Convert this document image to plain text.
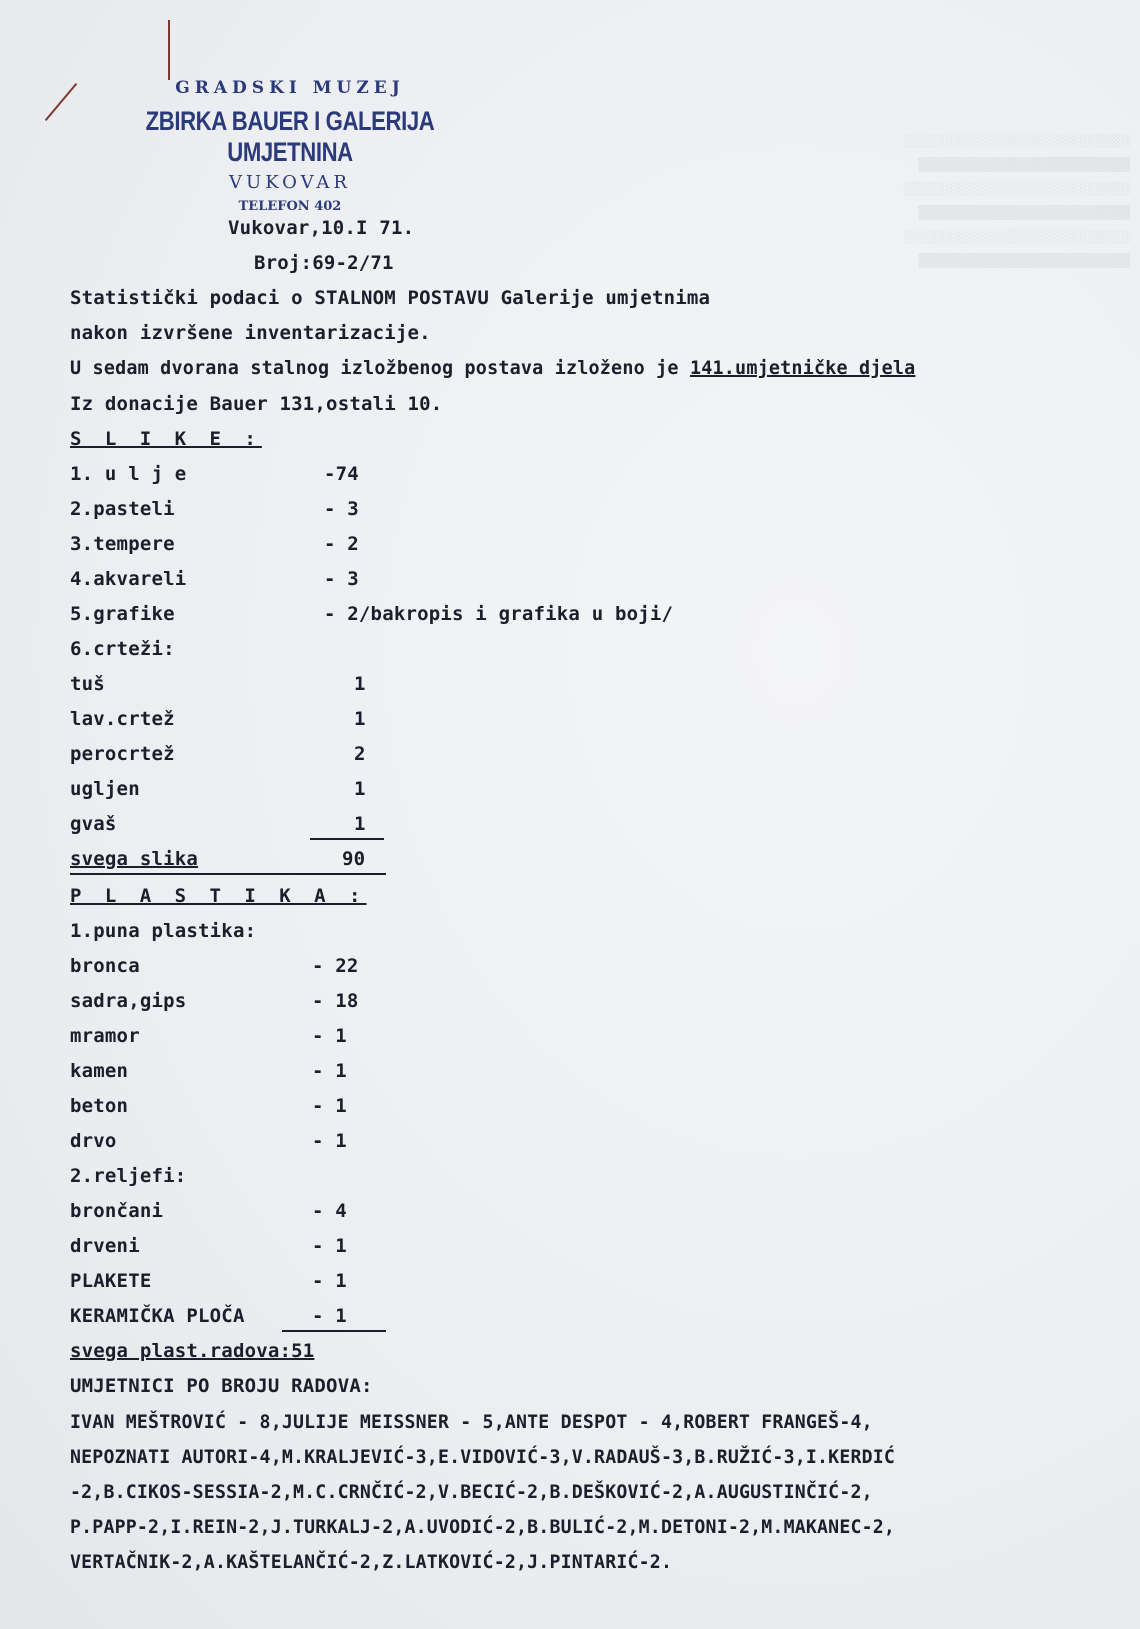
░░░░░░░░░░░░░░░░░░░░░░░░░░░░░
▒▒▒▒▒▒▒▒▒▒▒▒▒▒▒▒▒▒▒▒▒▒▒▒▒▒▒
░░░░░░░░░░░░░░░░░░░░░░░░░░░░░
▒▒▒▒▒▒▒▒▒▒▒▒▒▒▒▒▒▒▒▒▒▒▒▒▒▒▒
░░░░░░░░░░░░░░░░░░░░░░░░░░░░░
▒▒▒▒▒▒▒▒▒▒▒▒▒▒▒▒▒▒▒▒▒▒▒▒▒▒▒
GRADSKI MUZEJ
ZBIRKA BAUER I GALERIJA UMJETNINA
VUKOVAR
TELEFON 402
Vukovar,10.I 71.
Broj:69-2/71
Statistički podaci o STALNOM POSTAVU Galerije umjetnima
nakon izvršene inventarizacije.
U sedam dvorana stalnog izložbenog postava izloženo je 141.umjetničke djela
Iz donacije Bauer 131,ostali 10.
S L I K E :
1. u l j e	-74
2.pasteli	- 3
3.tempere	- 2
4.akvareli	- 3
5.grafike	- 2/bakropis i grafika u boji/
6.crteži:
tuš	1
lav.crtež	1
perocrtež	2
ugljen	1
gvaš	1
svega slika	90
P L A S T I K A :
1.puna plastika:
bronca	- 22
sadra,gips	- 18
mramor	- 1
kamen	- 1
beton	- 1
drvo	- 1
2.reljefi:
brončani	- 4
drveni	- 1
PLAKETE	- 1
KERAMIČKA PLOČA	- 1
svega plast.radova:51
UMJETNICI PO BROJU RADOVA:
IVAN MEŠTROVIĆ - 8,JULIJE MEISSNER - 5,ANTE DESPOT - 4,ROBERT FRANGEŠ-4,
NEPOZNATI AUTORI-4,M.KRALJEVIĆ-3,E.VIDOVIĆ-3,V.RADAUŠ-3,B.RUŽIĆ-3,I.KERDIĆ
-2,B.CIKOS-SESSIA-2,M.C.CRNČIĆ-2,V.BECIĆ-2,B.DEŠKOVIĆ-2,A.AUGUSTINČIĆ-2,
P.PAPP-2,I.REIN-2,J.TURKALJ-2,A.UVODIĆ-2,B.BULIĆ-2,M.DETONI-2,M.MAKANEC-2,
VERTAČNIK-2,A.KAŠTELANČIĆ-2,Z.LATKOVIĆ-2,J.PINTARIĆ-2.
